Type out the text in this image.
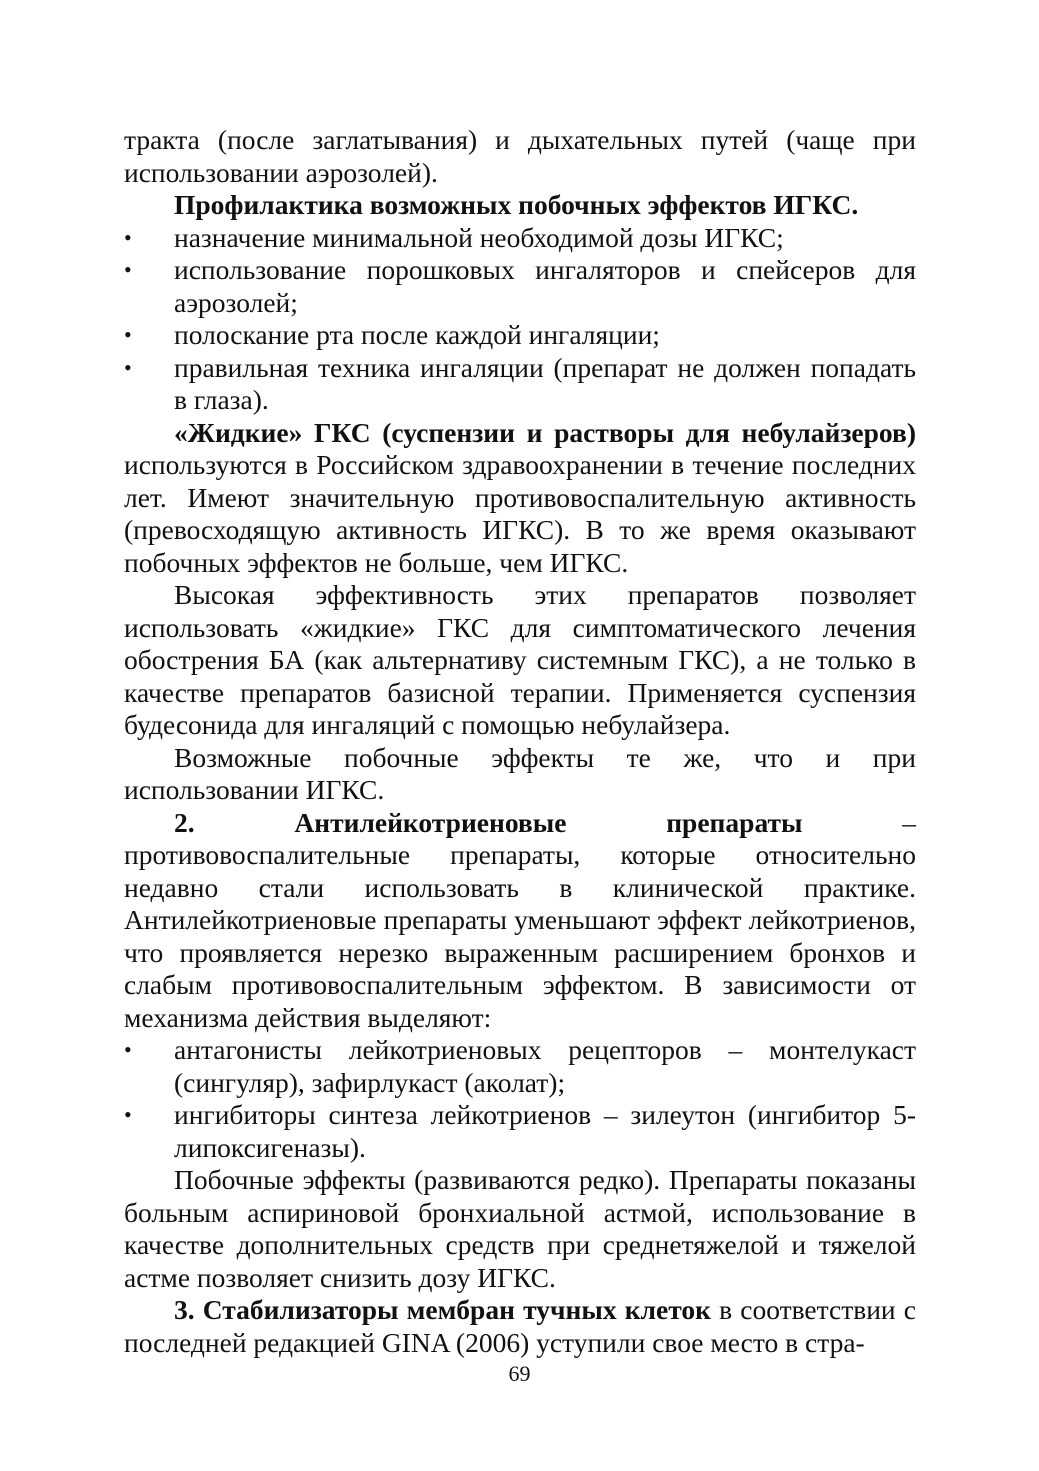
тракта (после заглатывания) и дыхательных путей (чаще при использовании аэрозолей).

Профилактика возможных побочных эффектов ИГКС.

• назначение минимальной необходимой дозы ИГКС;
• использование порошковых ингаляторов и спейсеров для аэрозолей;
• полоскание рта после каждой ингаляции;
• правильная техника ингаляции (препарат не должен попадать в глаза).

«Жидкие» ГКС (суспензии и растворы для небулайзеров) используются в Российском здравоохранении в течение последних лет. Имеют значительную противовоспалительную активность (превосходящую активность ИГКС). В то же время оказывают побочных эффектов не больше, чем ИГКС.

Высокая эффективность этих препаратов позволяет использовать «жидкие» ГКС для симптоматического лечения обострения БА (как альтернативу системным ГКС), а не только в качестве препаратов базисной терапии. Применяется суспензия будесонида для ингаляций с помощью небулайзера.

Возможные побочные эффекты те же, что и при использовании ИГКС.

2. Антилейкотриеновые препараты – противовоспалительные препараты, которые относительно недавно стали использовать в клинической практике. Антилейкотриеновые препараты уменьшают эффект лейкотриенов, что проявляется нерезко выраженным расширением бронхов и слабым противовоспалительным эффектом. В зависимости от механизма действия выделяют:

• антагонисты лейкотриеновых рецепторов – монтелукаст (сингуляр), зафирлукаст (аколат);
• ингибиторы синтеза лейкотриенов – зилеутон (ингибитор 5-липоксигеназы).

Побочные эффекты (развиваются редко). Препараты показаны больным аспириновой бронхиальной астмой, использование в качестве дополнительных средств при среднетяжелой и тяжелой астме позволяет снизить дозу ИГКС.

3. Стабилизаторы мембран тучных клеток в соответствии с последней редакцией GINA (2006) уступили свое место в стра-

69
